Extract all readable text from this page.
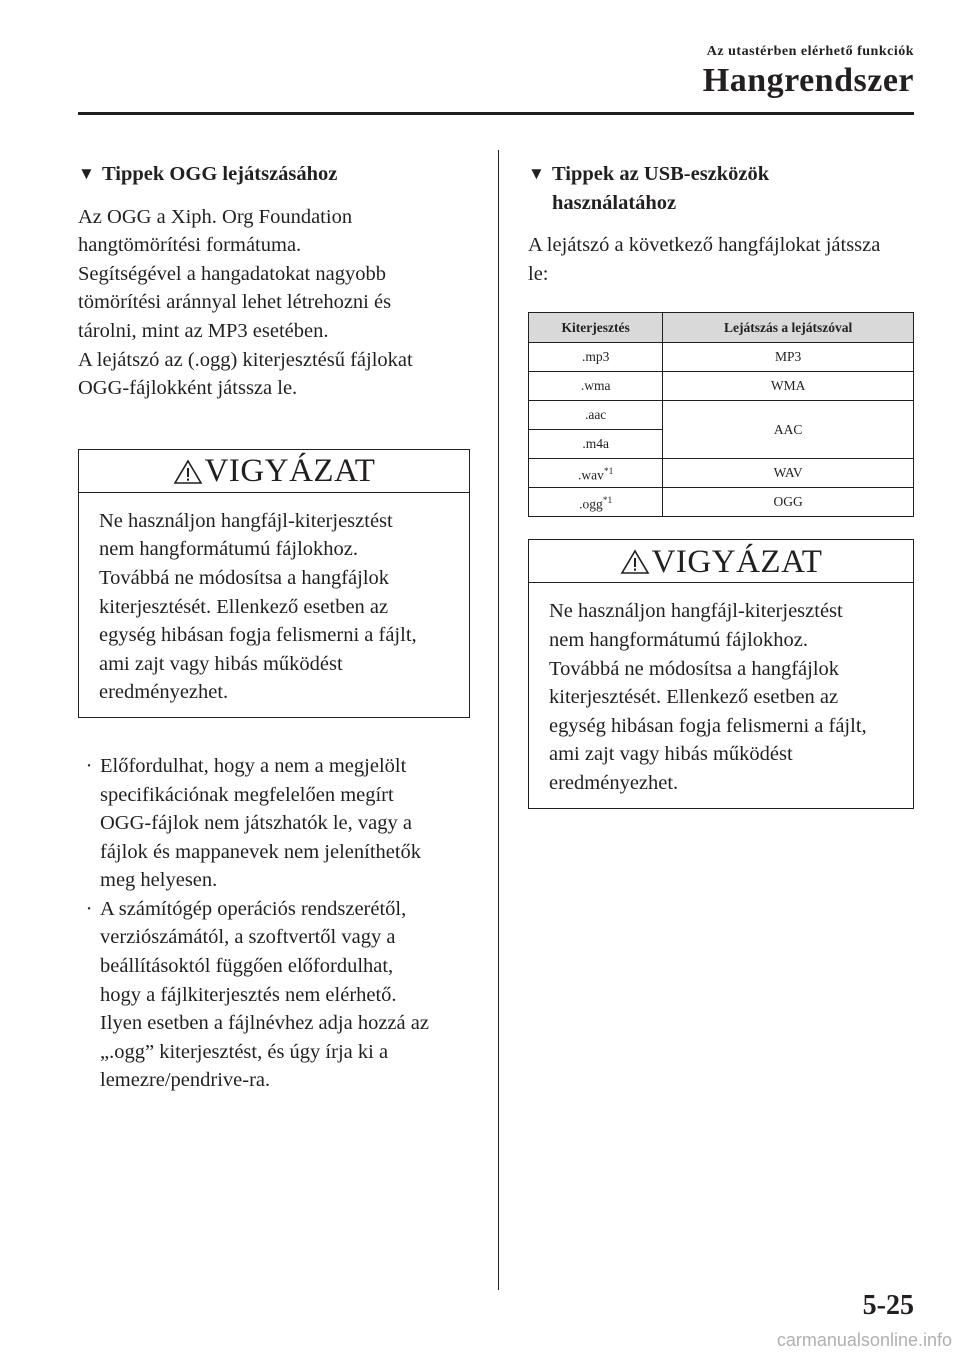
Az utastérben elérhető funkciók
Hangrendszer
▼ Tippek OGG lejátszásához
Az OGG a Xiph. Org Foundation
hangtömörítési formátuma.
Segítségével a hangadatokat nagyobb
tömörítési aránnyal lehet létrehozni és
tárolni, mint az MP3 esetében.
A lejátszó az (.ogg) kiterjesztésű fájlokat
OGG-fájlokként játssza le.
VIGYÁZAT
Ne használjon hangfájl-kiterjesztést
nem hangformátumú fájlokhoz.
Továbbá ne módosítsa a hangfájlok
kiterjesztését. Ellenkező esetben az
egység hibásan fogja felismerni a fájlt,
ami zajt vagy hibás működést
eredményezhet.
· Előfordulhat, hogy a nem a megjelölt
specifikációnak megfelelően megírt
OGG-fájlok nem játszhatók le, vagy a
fájlok és mappanevek nem jeleníthetők
meg helyesen.
· A számítógép operációs rendszerétől,
verziószámától, a szoftvertől vagy a
beállításoktól függően előfordulhat,
hogy a fájlkiterjesztés nem elérhető.
Ilyen esetben a fájlnévhez adja hozzá az
„.ogg” kiterjesztést, és úgy írja ki a
lemezre/pendrive-ra.
▼ Tippek az USB-eszközök
használatához
A lejátszó a következő hangfájlokat játssza
le:
Kiterjesztés	Lejátszás a lejátszóval
.mp3	MP3
.wma	WMA
.aac	AAC
.m4a	
.wav$^{*1}$	WAV
.ogg$^{*1}$	OGG
VIGYÁZAT
Ne használjon hangfájl-kiterjesztést
nem hangformátumú fájlokhoz.
Továbbá ne módosítsa a hangfájlok
kiterjesztését. Ellenkező esetben az
egység hibásan fogja felismerni a fájlt,
ami zajt vagy hibás működést
eredményezhet.
5-25
carmanualsonline.info
